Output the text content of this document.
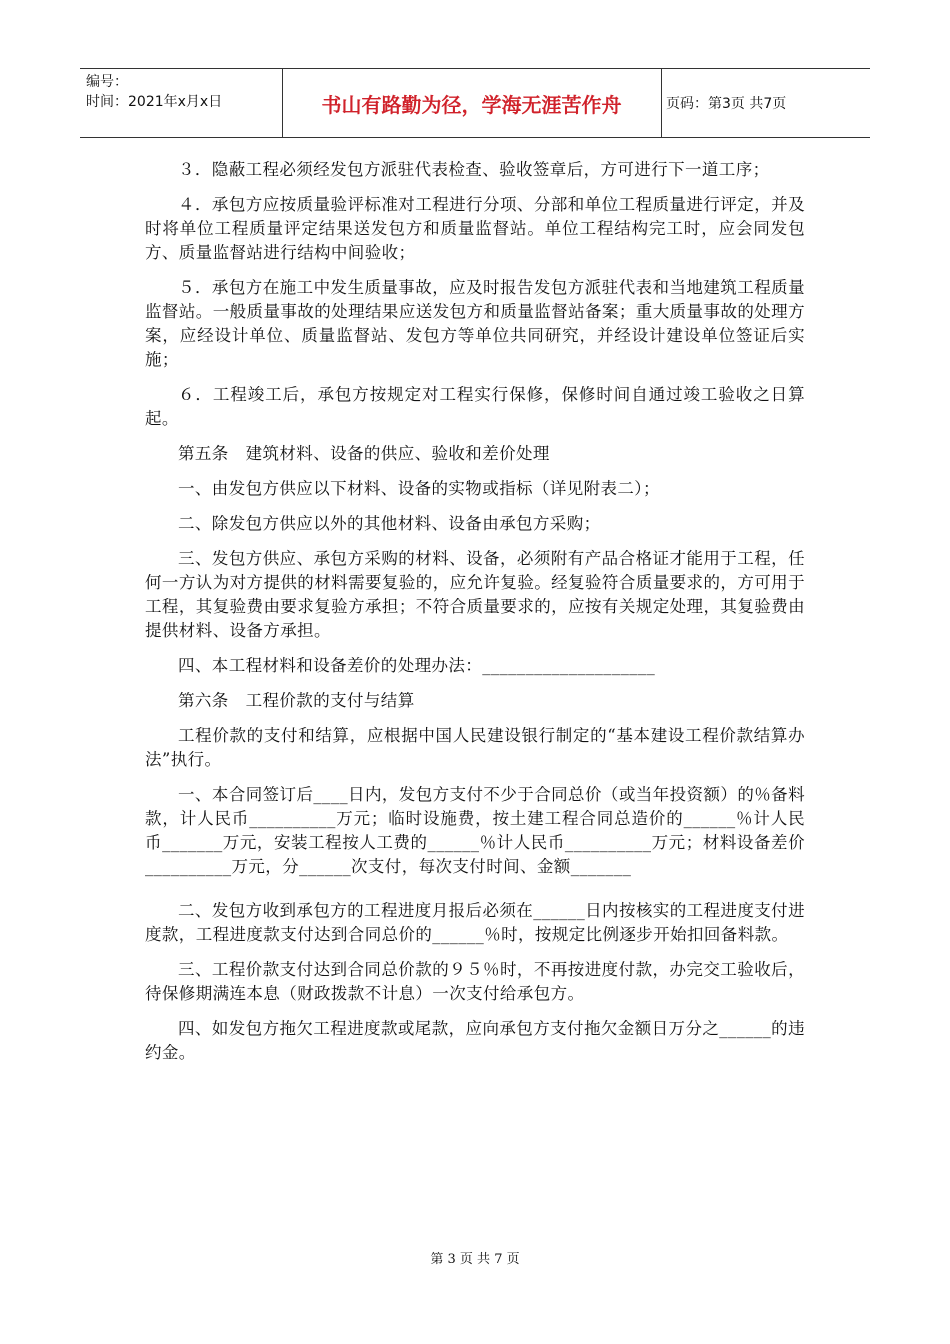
编号：
时间：2021年x月x日	书山有路勤为径，学海无涯苦作舟	页码：第3页 共7页

３．隐蔽工程必须经发包方派驻代表检查、验收签章后，方可进行下一道工序；

４．承包方应按质量验评标准对工程进行分项、分部和单位工程质量进行评定，并及时将单位工程质量评定结果送发包方和质量监督站。单位工程结构完工时，应会同发包方、质量监督站进行结构中间验收；

５．承包方在施工中发生质量事故，应及时报告发包方派驻代表和当地建筑工程质量监督站。一般质量事故的处理结果应送发包方和质量监督站备案；重大质量事故的处理方案，应经设计单位、质量监督站、发包方等单位共同研究，并经设计建设单位签证后实施；

６．工程竣工后，承包方按规定对工程实行保修，保修时间自通过竣工验收之日算起。

第五条　建筑材料、设备的供应、验收和差价处理

一、由发包方供应以下材料、设备的实物或指标（详见附表二）；

二、除发包方供应以外的其他材料、设备由承包方采购；

三、发包方供应、承包方采购的材料、设备，必须附有产品合格证才能用于工程，任何一方认为对方提供的材料需要复验的，应允许复验。经复验符合质量要求的，方可用于工程，其复验费由要求复验方承担；不符合质量要求的，应按有关规定处理，其复验费由提供材料、设备方承担。

四、本工程材料和设备差价的处理办法：____________________

第六条　工程价款的支付与结算

工程价款的支付和结算，应根据中国人民建设银行制定的“基本建设工程价款结算办法”执行。

一、本合同签订后____日内，发包方支付不少于合同总价（或当年投资额）的％备料款，计人民币__________万元；临时设施费，按土建工程合同总造价的______％计人民币_______万元，安装工程按人工费的______％计人民币__________万元；材料设备差价__________万元，分______次支付，每次支付时间、金额_______

二、发包方收到承包方的工程进度月报后必须在______日内按核实的工程进度支付进度款，工程进度款支付达到合同总价的______％时，按规定比例逐步开始扣回备料款。

三、工程价款支付达到合同总价款的９５％时，不再按进度付款，办完交工验收后，待保修期满连本息（财政拨款不计息）一次支付给承包方。

四、如发包方拖欠工程进度款或尾款，应向承包方支付拖欠金额日万分之______的违约金。

第 3 页 共 7 页
